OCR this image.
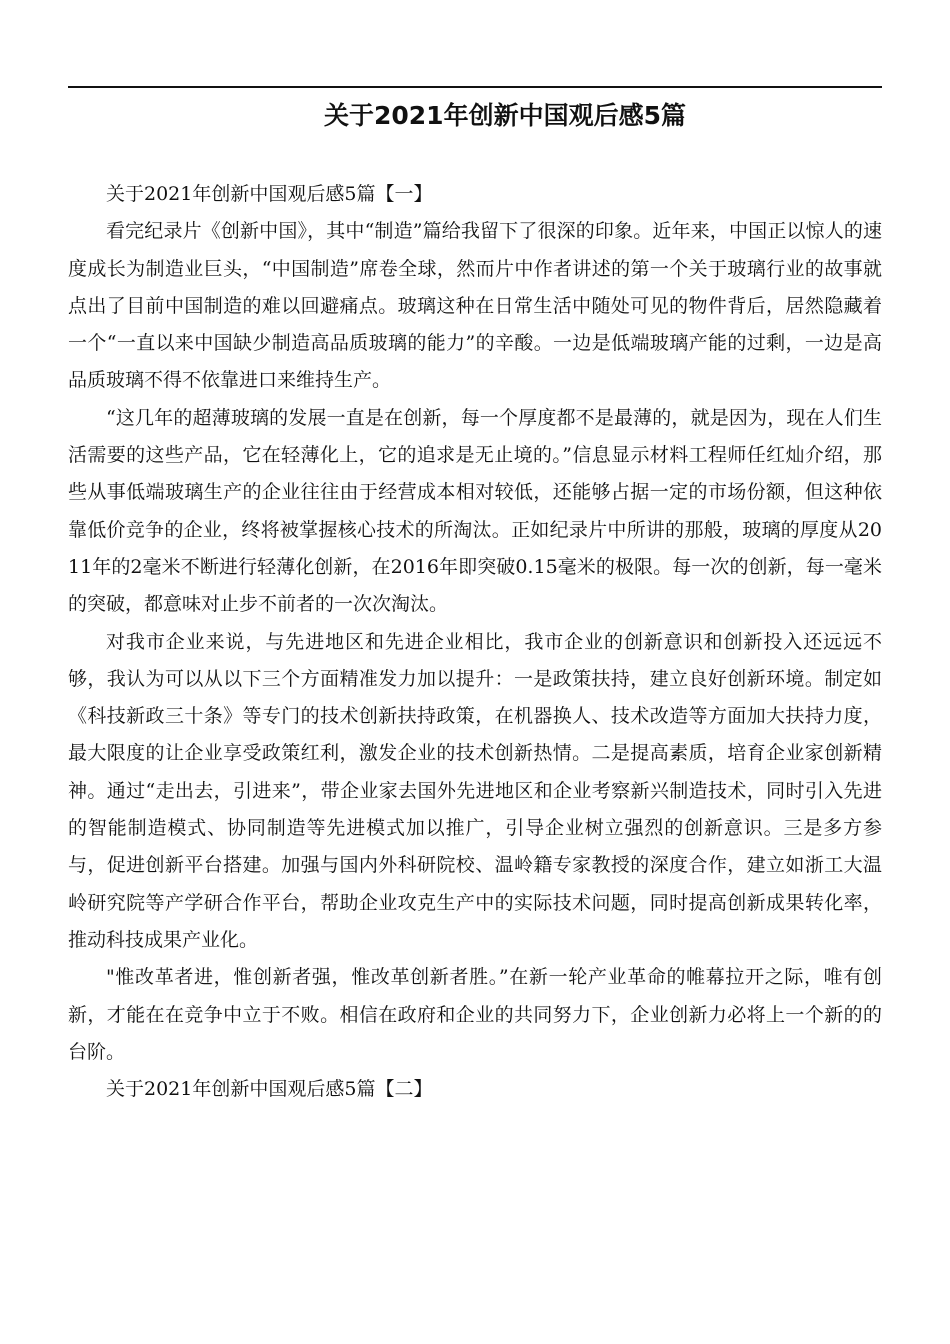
关于2021年创新中国观后感5篇

关于2021年创新中国观后感5篇【一】

看完纪录片《创新中国》，其中“制造”篇给我留下了很深的印象。近年来，中国正以惊人的速度成长为制造业巨头，“中国制造”席卷全球，然而片中作者讲述的第一个关于玻璃行业的故事就点出了目前中国制造的难以回避痛点。玻璃这种在日常生活中随处可见的物件背后，居然隐藏着一个“一直以来中国缺少制造高品质玻璃的能力”的辛酸。一边是低端玻璃产能的过剩，一边是高品质玻璃不得不依靠进口来维持生产。

“这几年的超薄玻璃的发展一直是在创新，每一个厚度都不是最薄的，就是因为，现在人们生活需要的这些产品，它在轻薄化上，它的追求是无止境的。”信息显示材料工程师任红灿介绍，那些从事低端玻璃生产的企业往往由于经营成本相对较低，还能够占据一定的市场份额，但这种依靠低价竞争的企业，终将被掌握核心技术的所淘汰。正如纪录片中所讲的那般，玻璃的厚度从2011年的2毫米不断进行轻薄化创新，在2016年即突破0.15毫米的极限。每一次的创新，每一毫米的突破，都意味对止步不前者的一次次淘汰。

对我市企业来说，与先进地区和先进企业相比，我市企业的创新意识和创新投入还远远不够，我认为可以从以下三个方面精准发力加以提升：一是政策扶持，建立良好创新环境。制定如《科技新政三十条》等专门的技术创新扶持政策，在机器换人、技术改造等方面加大扶持力度，最大限度的让企业享受政策红利，激发企业的技术创新热情。二是提高素质，培育企业家创新精神。通过“走出去，引进来”，带企业家去国外先进地区和企业考察新兴制造技术，同时引入先进的智能制造模式、协同制造等先进模式加以推广，引导企业树立强烈的创新意识。三是多方参与，促进创新平台搭建。加强与国内外科研院校、温岭籍专家教授的深度合作，建立如浙工大温岭研究院等产学研合作平台，帮助企业攻克生产中的实际技术问题，同时提高创新成果转化率，推动科技成果产业化。

"惟改革者进，惟创新者强，惟改革创新者胜。”在新一轮产业革命的帷幕拉开之际，唯有创新，才能在在竞争中立于不败。相信在政府和企业的共同努力下，企业创新力必将上一个新的的台阶。

关于2021年创新中国观后感5篇【二】
